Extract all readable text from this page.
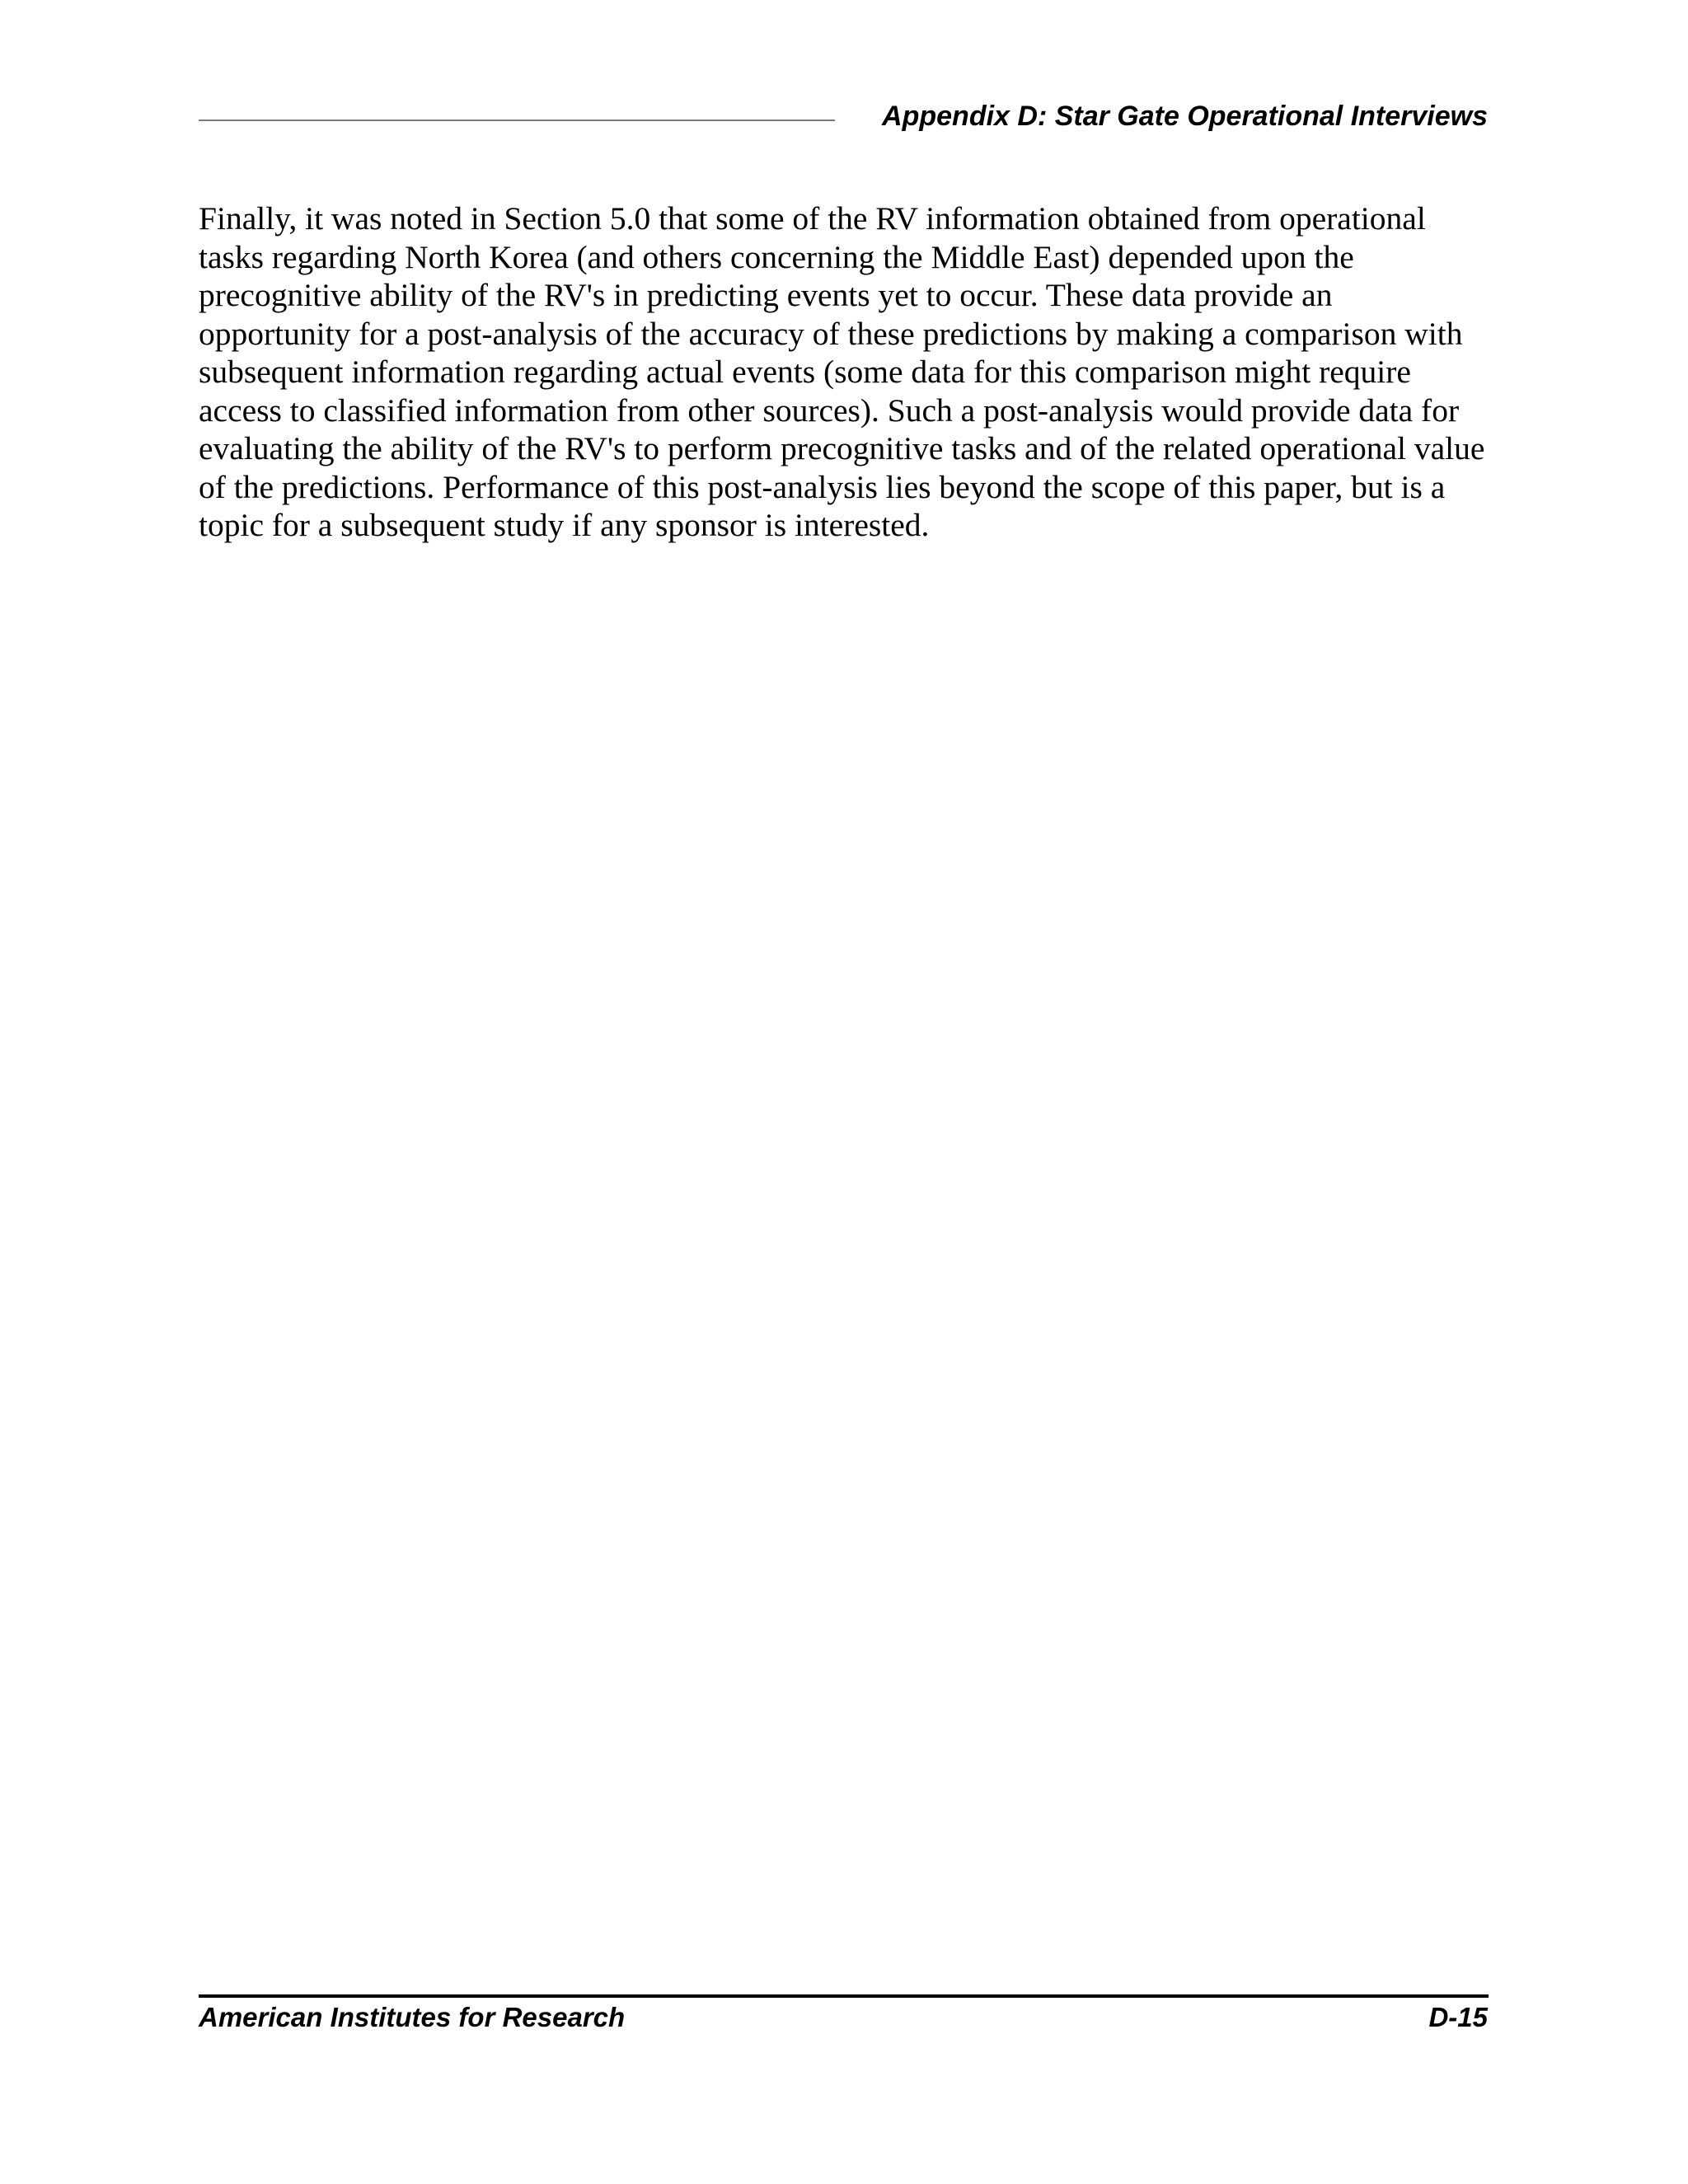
Appendix D: Star Gate Operational Interviews

Finally, it was noted in Section 5.0 that some of the RV information obtained from operational tasks regarding North Korea (and others concerning the Middle East) depended upon the precognitive ability of the RV's in predicting events yet to occur. These data provide an opportunity for a post-analysis of the accuracy of these predictions by making a comparison with subsequent information regarding actual events (some data for this comparison might require access to classified information from other sources). Such a post-analysis would provide data for evaluating the ability of the RV's to perform precognitive tasks and of the related operational value of the predictions. Performance of this post-analysis lies beyond the scope of this paper, but is a topic for a subsequent study if any sponsor is interested.

American Institutes for Research	D-15
